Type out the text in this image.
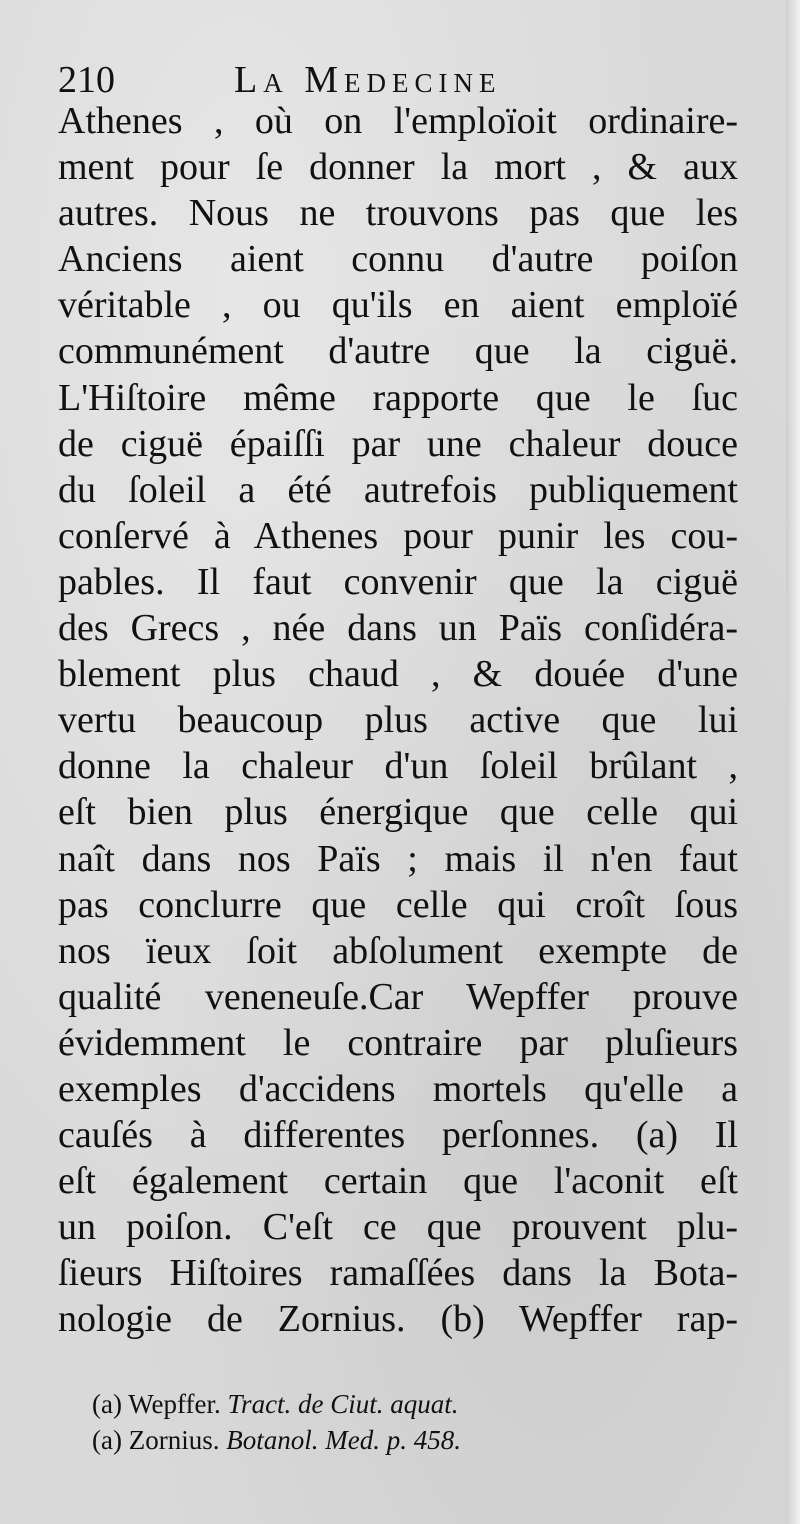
210	La Medecine
Athenes , où on l'emploïoit ordinaire-
ment pour ſe donner la mort , & aux
autres. Nous ne trouvons pas que les
Anciens aient connu d'autre poiſon
véritable , ou qu'ils en aient emploïé
communément d'autre que la ciguë.
L'Hiſtoire même rapporte que le ſuc
de ciguë épaiſſi par une chaleur douce
du ſoleil a été autrefois publiquement
conſervé à Athenes pour punir les cou-
pables. Il faut convenir que la ciguë
des Grecs , née dans un Païs conſidéra-
blement plus chaud , & douée d'une
vertu beaucoup plus active que lui
donne la chaleur d'un ſoleil brûlant ,
eſt bien plus énergique que celle qui
naît dans nos Païs ; mais il n'en faut
pas conclurre que celle qui croît ſous
nos ïeux ſoit abſolument exempte de
qualité veneneuſe.Car Wepffer prouve
évidemment le contraire par pluſieurs
exemples d'accidens mortels qu'elle a
cauſés à differentes perſonnes. (a) Il
eſt également certain que l'aconit eſt
un poiſon. C'eſt ce que prouvent plu-
ſieurs Hiſtoires ramaſſées dans la Bota-
nologie de Zornius. (b) Wepffer rap-
(a) Wepffer. Tract. de Ciut. aquat.
(a) Zornius. Botanol. Med. p. 458.
